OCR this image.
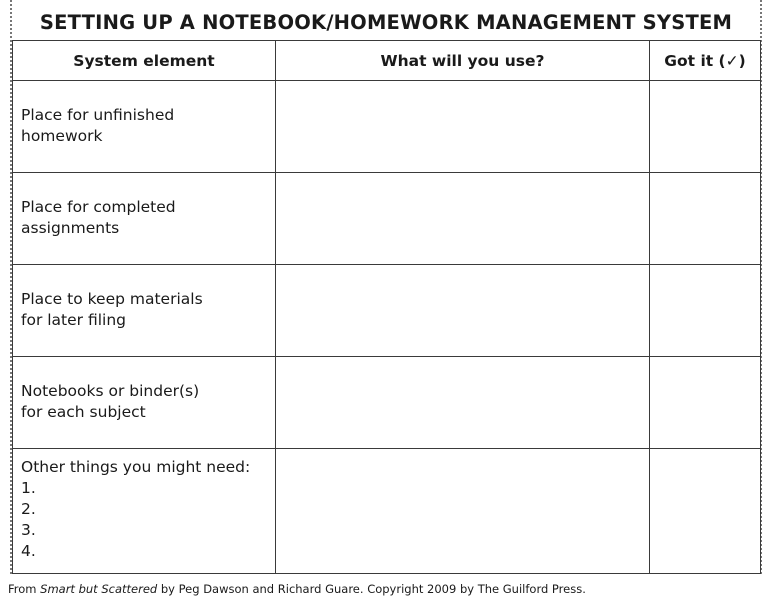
SETTING UP A NOTEBOOK/HOMEWORK MANAGEMENT SYSTEM
System element	What will you use?	Got it (✓)

Place for unfinished
homework		

Place for completed
assignments		

Place to keep materials
for later filing		

Notebooks or binder(s)
for each subject		

Other things you might need:
1.
2.
3.
4.		

From Smart but Scattered by Peg Dawson and Richard Guare. Copyright 2009 by The Guilford Press.
